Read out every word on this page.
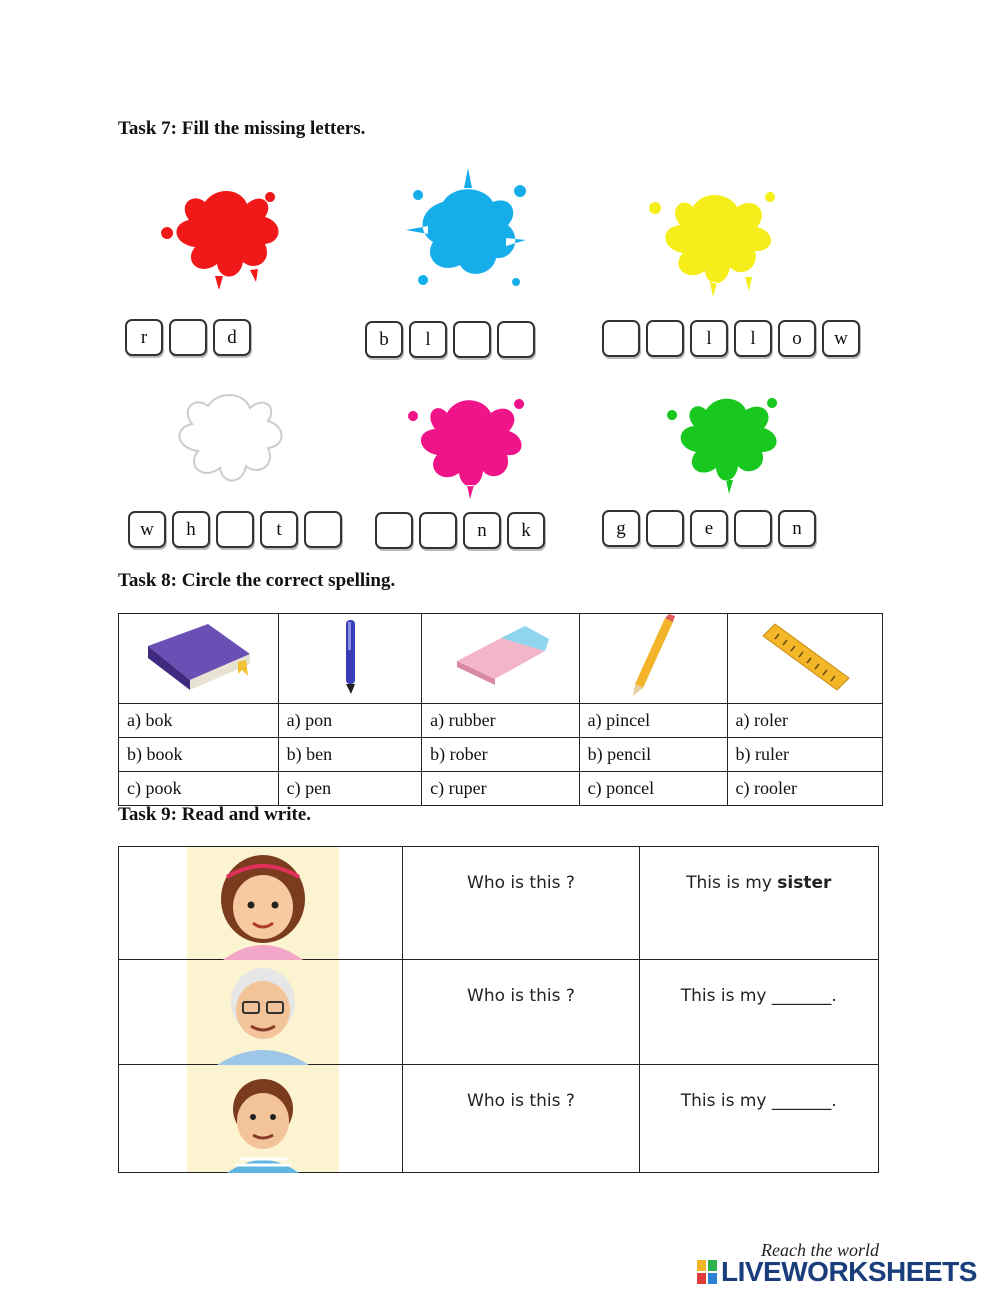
Task 7: Fill the missing letters.
r	d	b	l	l	l	o	w
w	h	t	n	k	g	e	n
Task 8: Circle the correct spelling.

a) bok	a) pon	a) rubber	a) pincel	a) roler
b) book	b) ben	b) rober	b) pencil	b) ruler
c) pook	c) pen	c) ruper	c) poncel	c) rooler
Task 9: Read and write.
	Who is this ?	This is my sister

	Who is this ?	This is my _______.

	Who is this ?	This is my _______.
Reach the world
LIVEWORKSHEETS
